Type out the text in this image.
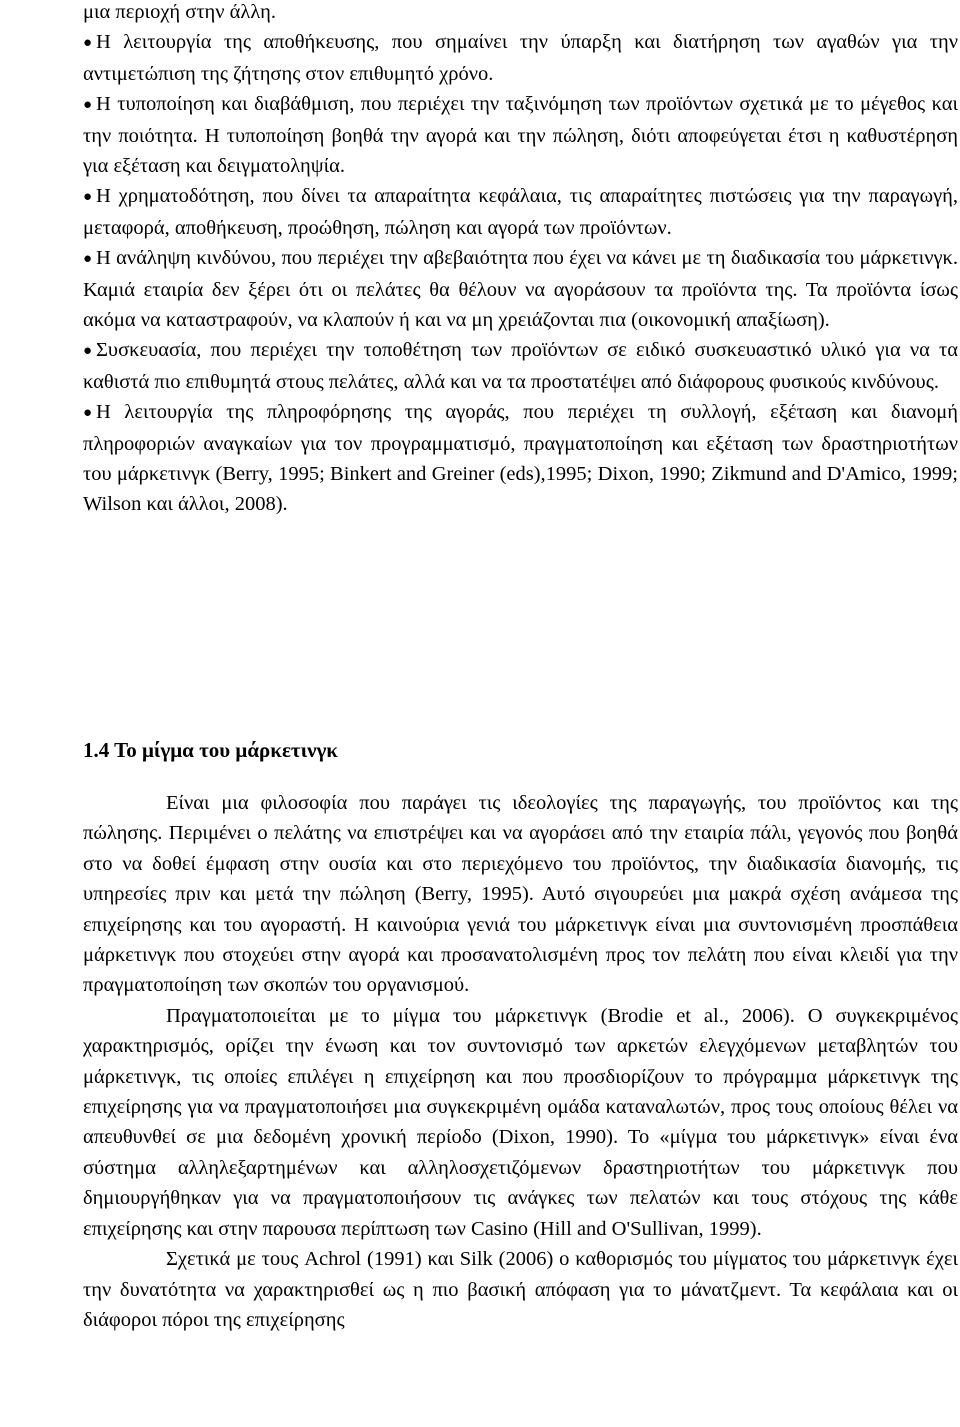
μια περιοχή στην άλλη.

● Η λειτουργία της αποθήκευσης, που σημαίνει την ύπαρξη και διατήρηση των αγαθών για την αντιμετώπιση της ζήτησης στον επιθυμητό χρόνο.

● Η τυποποίηση και διαβάθμιση, που περιέχει την ταξινόμηση των προϊόντων σχετικά με το μέγεθος και την ποιότητα. Η τυποποίηση βοηθά την αγορά και την πώληση, διότι αποφεύγεται έτσι η καθυστέρηση για εξέταση και δειγματοληψία.

● Η χρηματοδότηση, που δίνει τα απαραίτητα κεφάλαια, τις απαραίτητες πιστώσεις για την παραγωγή, μεταφορά, αποθήκευση, προώθηση, πώληση και αγορά των προϊόντων.

● Η ανάληψη κινδύνου, που περιέχει την αβεβαιότητα που έχει να κάνει με τη διαδικασία του μάρκετινγκ. Καμιά εταιρία δεν ξέρει ότι οι πελάτες θα θέλουν να αγοράσουν τα προϊόντα της. Τα προϊόντα ίσως ακόμα να καταστραφούν, να κλαπούν ή και να μη χρειάζονται πια (οικονομική απαξίωση).

● Συσκευασία, που περιέχει την τοποθέτηση των προϊόντων σε ειδικό συσκευαστικό υλικό για να τα καθιστά πιο επιθυμητά στους πελάτες, αλλά και να τα προστατέψει από διάφορους φυσικούς κινδύνους.

● Η λειτουργία της πληροφόρησης της αγοράς, που περιέχει τη συλλογή, εξέταση και διανομή πληροφοριών αναγκαίων για τον προγραμματισμό, πραγματοποίηση και εξέταση των δραστηριοτήτων του μάρκετινγκ (Berry, 1995; Binkert and Greiner (eds),1995; Dixon, 1990; Zikmund and D'Amico, 1999; Wilson και άλλοι, 2008).

1.4 Το μίγμα του μάρκετινγκ

Είναι μια φιλοσοφία που παράγει τις ιδεολογίες της παραγωγής, του προϊόντος και της πώλησης. Περιμένει ο πελάτης να επιστρέψει και να αγοράσει από την εταιρία πάλι, γεγονός που βοηθά στο να δοθεί έμφαση στην ουσία και στο περιεχόμενο του προϊόντος, την διαδικασία διανομής, τις υπηρεσίες πριν και μετά την πώληση (Berry, 1995). Αυτό σιγουρεύει μια μακρά σχέση ανάμεσα της επιχείρησης και του αγοραστή. Η καινούρια γενιά του μάρκετινγκ είναι μια συντονισμένη προσπάθεια μάρκετινγκ που στοχεύει στην αγορά και προσανατολισμένη προς τον πελάτη που είναι κλειδί για την πραγματοποίηση των σκοπών του οργανισμού.

Πραγματοποιείται με το μίγμα του μάρκετινγκ (Brodie et al., 2006). Ο συγκεκριμένος χαρακτηρισμός, ορίζει την ένωση και τον συντονισμό των αρκετών ελεγχόμενων μεταβλητών του μάρκετινγκ, τις οποίες επιλέγει η επιχείρηση και που προσδιορίζουν το πρόγραμμα μάρκετινγκ της επιχείρησης για να πραγματοποιήσει μια συγκεκριμένη ομάδα καταναλωτών, προς τους οποίους θέλει να απευθυνθεί σε μια δεδομένη χρονική περίοδο (Dixon, 1990). Το «μίγμα του μάρκετινγκ» είναι ένα σύστημα αλληλεξαρτημένων και αλληλοσχετιζόμενων δραστηριοτήτων του μάρκετινγκ που δημιουργήθηκαν για να πραγματοποιήσουν τις ανάγκες των πελατών και τους στόχους της κάθε επιχείρησης και στην παρουσα περίπτωση των Casino (Hill and O'Sullivan, 1999).

Σχετικά με τους Achrol (1991) και Silk (2006) ο καθορισμός του μίγματος του μάρκετινγκ έχει την δυνατότητα να χαρακτηρισθεί ως η πιο βασική απόφαση για το μάνατζμεντ. Τα κεφάλαια και οι διάφοροι πόροι της επιχείρησης
